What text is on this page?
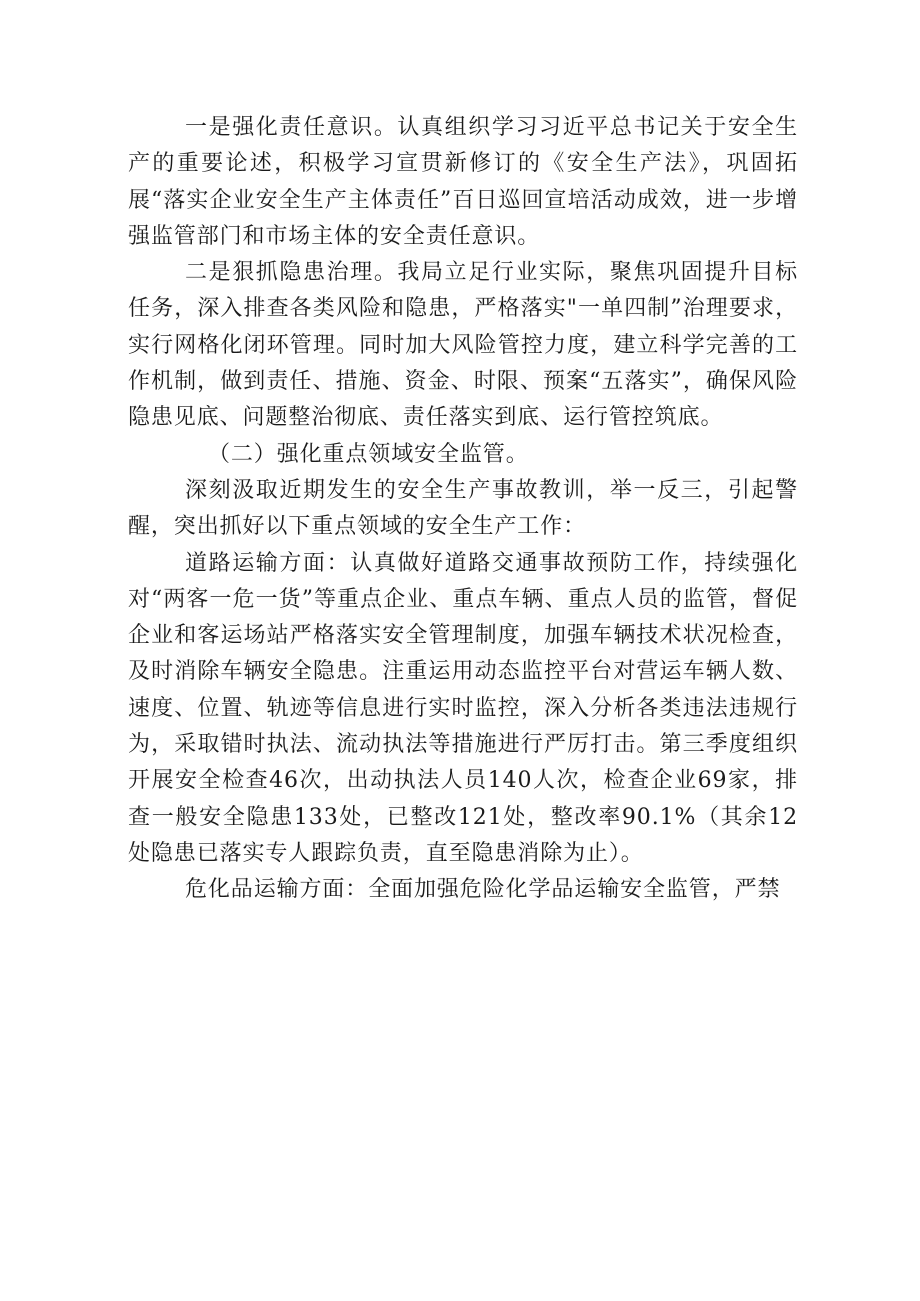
一是强化责任意识。认真组织学习习近平总书记关于安全生产的重要论述，积极学习宣贯新修订的《安全生产法》，巩固拓展“落实企业安全生产主体责任”百日巡回宣培活动成效，进一步增强监管部门和市场主体的安全责任意识。

二是狠抓隐患治理。我局立足行业实际，聚焦巩固提升目标任务，深入排查各类风险和隐患，严格落实"一单四制”治理要求，实行网格化闭环管理。同时加大风险管控力度，建立科学完善的工作机制，做到责任、措施、资金、时限、预案“五落实”，确保风险隐患见底、问题整治彻底、责任落实到底、运行管控筑底。

（二）强化重点领域安全监管。

深刻汲取近期发生的安全生产事故教训，举一反三，引起警醒，突出抓好以下重点领域的安全生产工作：

道路运输方面：认真做好道路交通事故预防工作，持续强化对“两客一危一货”等重点企业、重点车辆、重点人员的监管，督促企业和客运场站严格落实安全管理制度，加强车辆技术状况检查，及时消除车辆安全隐患。注重运用动态监控平台对营运车辆人数、速度、位置、轨迹等信息进行实时监控，深入分析各类违法违规行为，采取错时执法、流动执法等措施进行严厉打击。第三季度组织开展安全检查46次，出动执法人员140人次，检查企业69家，排查一般安全隐患133处，已整改121处，整改率90.1%（其余12处隐患已落实专人跟踪负责，直至隐患消除为止）。

危化品运输方面：全面加强危险化学品运输安全监管，严禁
